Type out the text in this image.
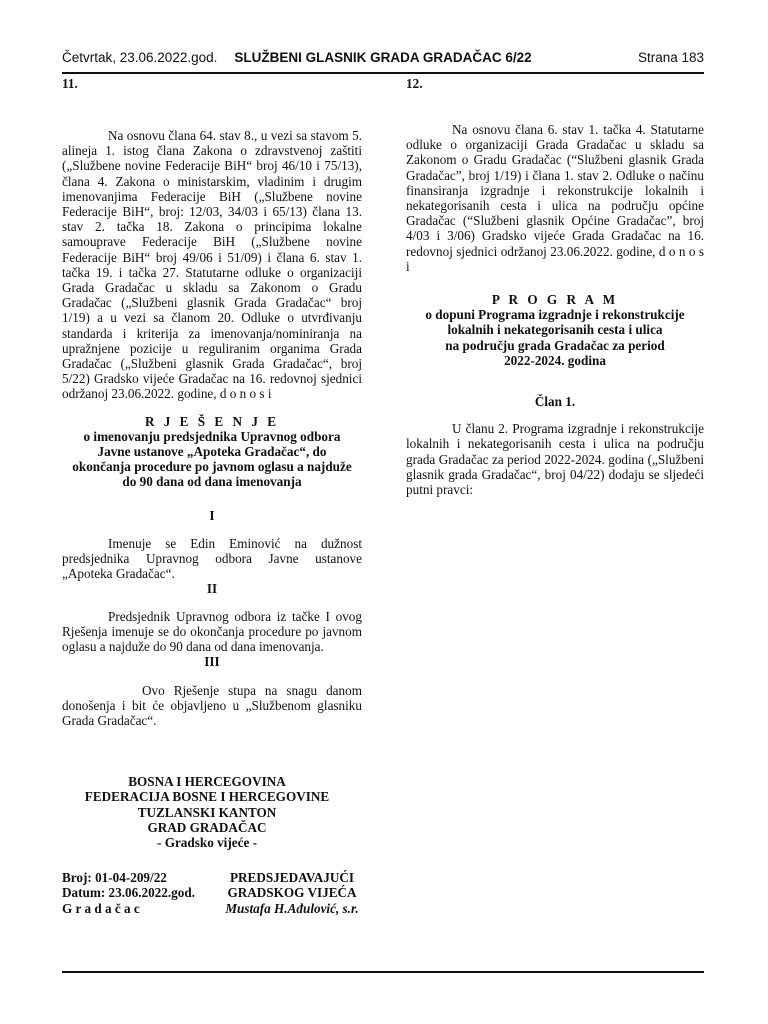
Četvrtak, 23.06.2022.god.	SLUŽBENI GLASNIK GRADA GRADAČAC 6/22	Strana 183
11.

Na osnovu člana 64. stav 8., u vezi sa stavom 5. alineja 1. istog člana Zakona o zdravstvenoj zaštiti („Službene novine Federacije BiH“ broj 46/10 i 75/13), člana 4. Zakona o ministarskim, vladinim i drugim imenovanjima Federacije BiH („Službene novine Federacije BiH“, broj: 12/03, 34/03 i 65/13) člana 13. stav 2. tačka 18. Zakona o principima lokalne samouprave Federacije BiH („Službene novine Federacije BiH“ broj 49/06 i 51/09) i člana 6. stav 1. tačka 19. i tačka 27. Statutarne odluke o organizaciji Grada Gradačac u skladu sa Zakonom o Gradu Gradačac („Službeni glasnik Grada Gradačac“ broj 1/19) a u vezi sa članom 20. Odluke o utvrđivanju standarda i kriterija za imenovanja/nominiranja na upražnjene pozicije u reguliranim organima Grada Gradačac („Službeni glasnik Grada Gradačac“, broj 5/22) Gradsko vijeće Gradačac na 16. redovnoj sjednici održanoj 23.06.2022. godine, d o n o s i

R J E Š E N J E

o imenovanju predsjednika Upravnog odbora Javne ustanove „Apoteka Gradačac“, do okončanja procedure po javnom oglasu a najduže do 90 dana od dana imenovanja

I

Imenuje se Edin Eminović na dužnost predsjednika Upravnog odbora Javne ustanove „Apoteka Gradačac“.

II

Predsjednik Upravnog odbora iz tačke I ovog Rješenja imenuje se do okončanja procedure po javnom oglasu a najduže do 90 dana od dana imenovanja.

III

Ovo Rješenje stupa na snagu danom donošenja i bit će objavljeno u „Službenom glasniku Grada Gradačac“.

BOSNA I HERCEGOVINA
FEDERACIJA BOSNE I HERCEGOVINE
TUZLANSKI KANTON
GRAD GRADAČAC
- Gradsko vijeće -
Broj: 01-04-209/22
Datum: 23.06.2022.god.
G r a d a č a c
PREDSJEDAVAJUĆI
GRADSKOG VIJEĆA
Mustafa H.Ađulović, s.r.
12.

Na osnovu člana 6. stav 1. tačka 4. Statutarne odluke o organizaciji Grada Gradačac u skladu sa Zakonom o Gradu Gradačac (“Službeni glasnik Grada Gradačac”, broj 1/19) i člana 1. stav 2. Odluke o načinu finansiranja izgradnje i rekonstrukcije lokalnih i nekategorisanih cesta i ulica na području općine Gradačac (“Službeni glasnik Općine Gradačac”, broj 4/03 i 3/06) Gradsko vijeće Grada Gradačac na 16. redovnoj sjednici održanoj 23.06.2022. godine, d o n o s i

P R O G R A M

o dopuni Programa izgradnje i rekonstrukcije
lokalnih i nekategorisanih cesta i ulica
na području grada Gradačac za period
2022-2024. godina

Član 1.

U članu 2. Programa izgradnje i rekonstrukcije lokalnih i nekategorisanih cesta i ulica na području grada Gradačac za period 2022-2024. godina („Službeni glasnik grada Gradačac“, broj 04/22) dodaju se sljedeći putni pravci:
